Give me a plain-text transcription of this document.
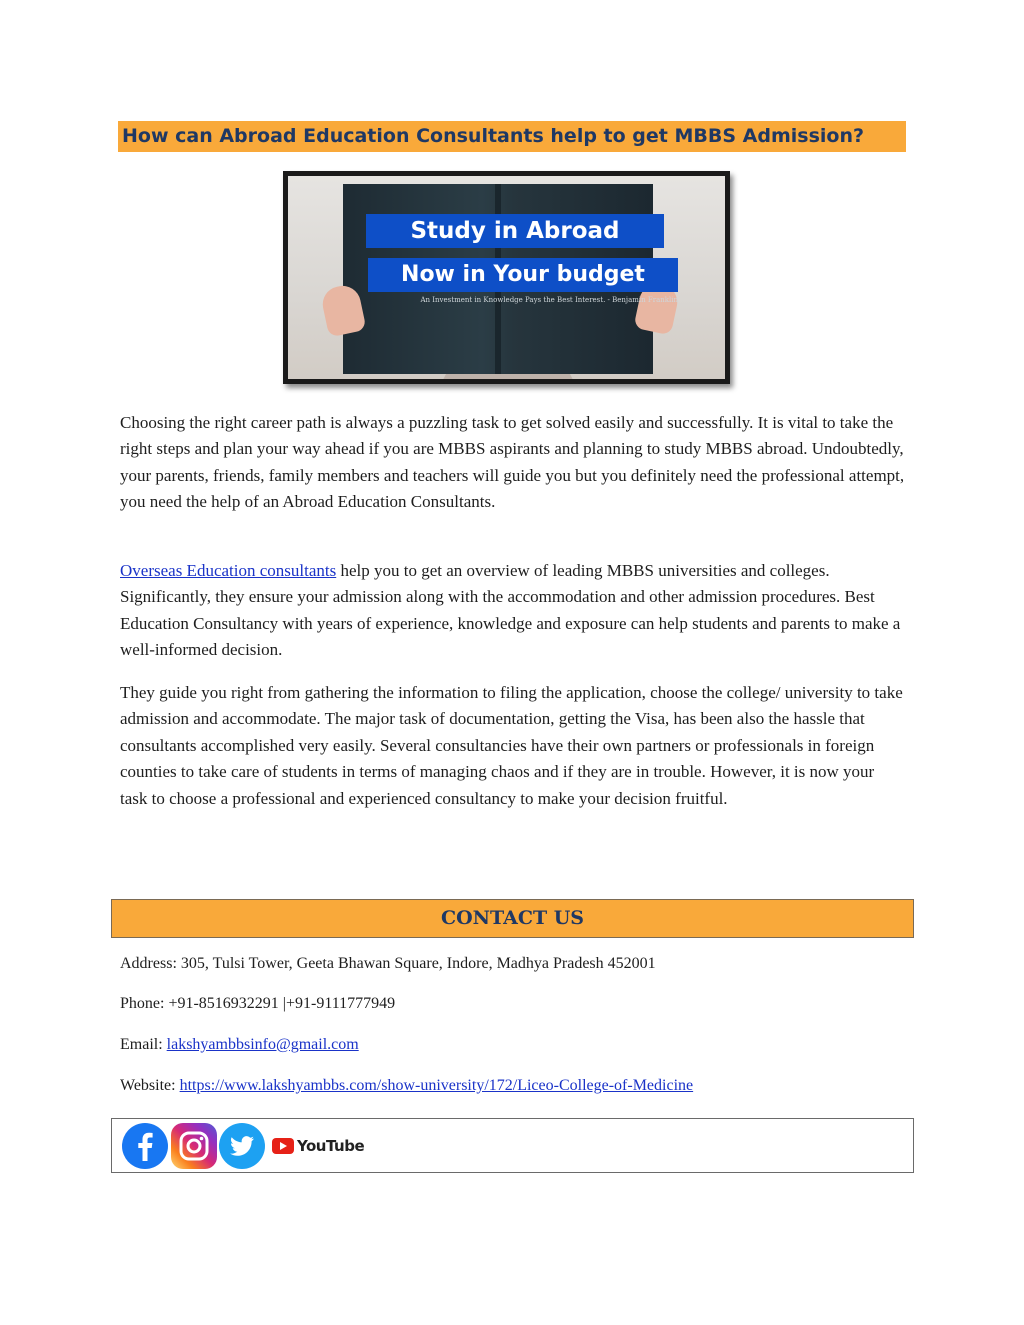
How can Abroad Education Consultants help to get MBBS Admission?
Study in Abroad
Now in Your budget
An Investment in Knowledge Pays the Best Interest. - Benjamin Franklin

Choosing the right career path is always a puzzling task to get solved easily and successfully. It is vital to take the right steps and plan your way ahead if you are MBBS aspirants and planning to study MBBS abroad. Undoubtedly, your parents, friends, family members and teachers will guide you but you definitely need the professional attempt, you need the help of an Abroad Education Consultants.

Overseas Education consultants help you to get an overview of leading MBBS universities and colleges. Significantly, they ensure your admission along with the accommodation and other admission procedures. Best Education Consultancy with years of experience, knowledge and exposure can help students and parents to make a well-informed decision.

They guide you right from gathering the information to filing the application, choose the college/ university to take admission and accommodate. The major task of documentation, getting the Visa, has been also the hassle that consultants accomplished very easily. Several consultancies have their own partners or professionals in foreign counties to take care of students in terms of managing chaos and if they are in trouble. However, it is now your task to choose a professional and experienced consultancy to make your decision fruitful.

CONTACT US

Address: 305, Tulsi Tower, Geeta Bhawan Square, Indore, Madhya Pradesh 452001

Phone: +91-8516932291 |+91-9111777949

Email: lakshyambbsinfo@gmail.com

Website: https://www.lakshyambbs.com/show-university/172/Liceo-College-of-Medicine

YouTube
